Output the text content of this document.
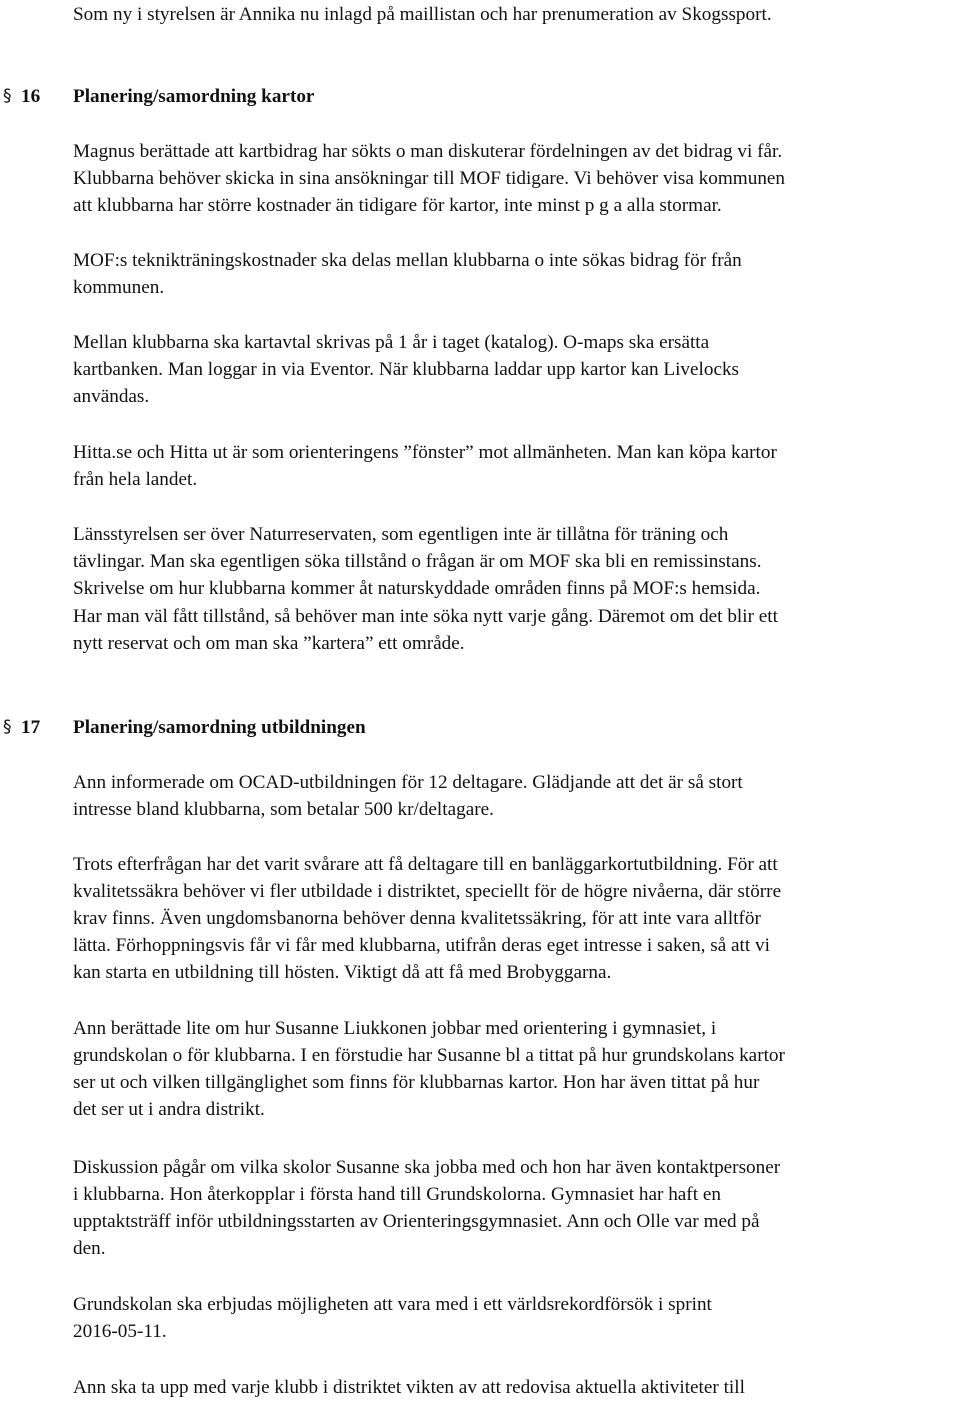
Som ny i styrelsen är Annika nu inlagd på maillistan och har prenumeration av Skogssport.

§ 16 Planering/samordning kartor

Magnus berättade att kartbidrag har sökts o man diskuterar fördelningen av det bidrag vi får.

Klubbarna behöver skicka in sina ansökningar till MOF tidigare. Vi behöver visa kommunen

att klubbarna har större kostnader än tidigare för kartor, inte minst p g a alla stormar.

MOF:s teknikträningskostnader ska delas mellan klubbarna o inte sökas bidrag för från

kommunen.

Mellan klubbarna ska kartavtal skrivas på 1 år i taget (katalog). O-maps ska ersätta

kartbanken. Man loggar in via Eventor. När klubbarna laddar upp kartor kan Livelocks

användas.

Hitta.se och Hitta ut är som orienteringens ”fönster” mot allmänheten. Man kan köpa kartor

från hela landet.

Länsstyrelsen ser över Naturreservaten, som egentligen inte är tillåtna för träning och

tävlingar. Man ska egentligen söka tillstånd o frågan är om MOF ska bli en remissinstans.

Skrivelse om hur klubbarna kommer åt naturskyddade områden finns på MOF:s hemsida.

Har man väl fått tillstånd, så behöver man inte söka nytt varje gång. Däremot om det blir ett

nytt reservat och om man ska ”kartera” ett område.

§ 17 Planering/samordning utbildningen

Ann informerade om OCAD-utbildningen för 12 deltagare. Glädjande att det är så stort

intresse bland klubbarna, som betalar 500 kr/deltagare.

Trots efterfrågan har det varit svårare att få deltagare till en banläggarkortutbildning. För att

kvalitetssäkra behöver vi fler utbildade i distriktet, speciellt för de högre nivåerna, där större

krav finns. Även ungdomsbanorna behöver denna kvalitetssäkring, för att inte vara alltför

lätta. Förhoppningsvis får vi får med klubbarna, utifrån deras eget intresse i saken, så att vi

kan starta en utbildning till hösten. Viktigt då att få med Brobyggarna.

Ann berättade lite om hur Susanne Liukkonen jobbar med orientering i gymnasiet, i

grundskolan o för klubbarna. I en förstudie har Susanne bl a tittat på hur grundskolans kartor

ser ut och vilken tillgänglighet som finns för klubbarnas kartor. Hon har även tittat på hur

det ser ut i andra distrikt.

Diskussion pågår om vilka skolor Susanne ska jobba med och hon har även kontaktpersoner

i klubbarna. Hon återkopplar i första hand till Grundskolorna. Gymnasiet har haft en

upptaktsträff inför utbildningsstarten av Orienteringsgymnasiet. Ann och Olle var med på

den.

Grundskolan ska erbjudas möjligheten att vara med i ett världsrekordförsök i sprint

2016-05-11.

Ann ska ta upp med varje klubb i distriktet vikten av att redovisa aktuella aktiviteter till
